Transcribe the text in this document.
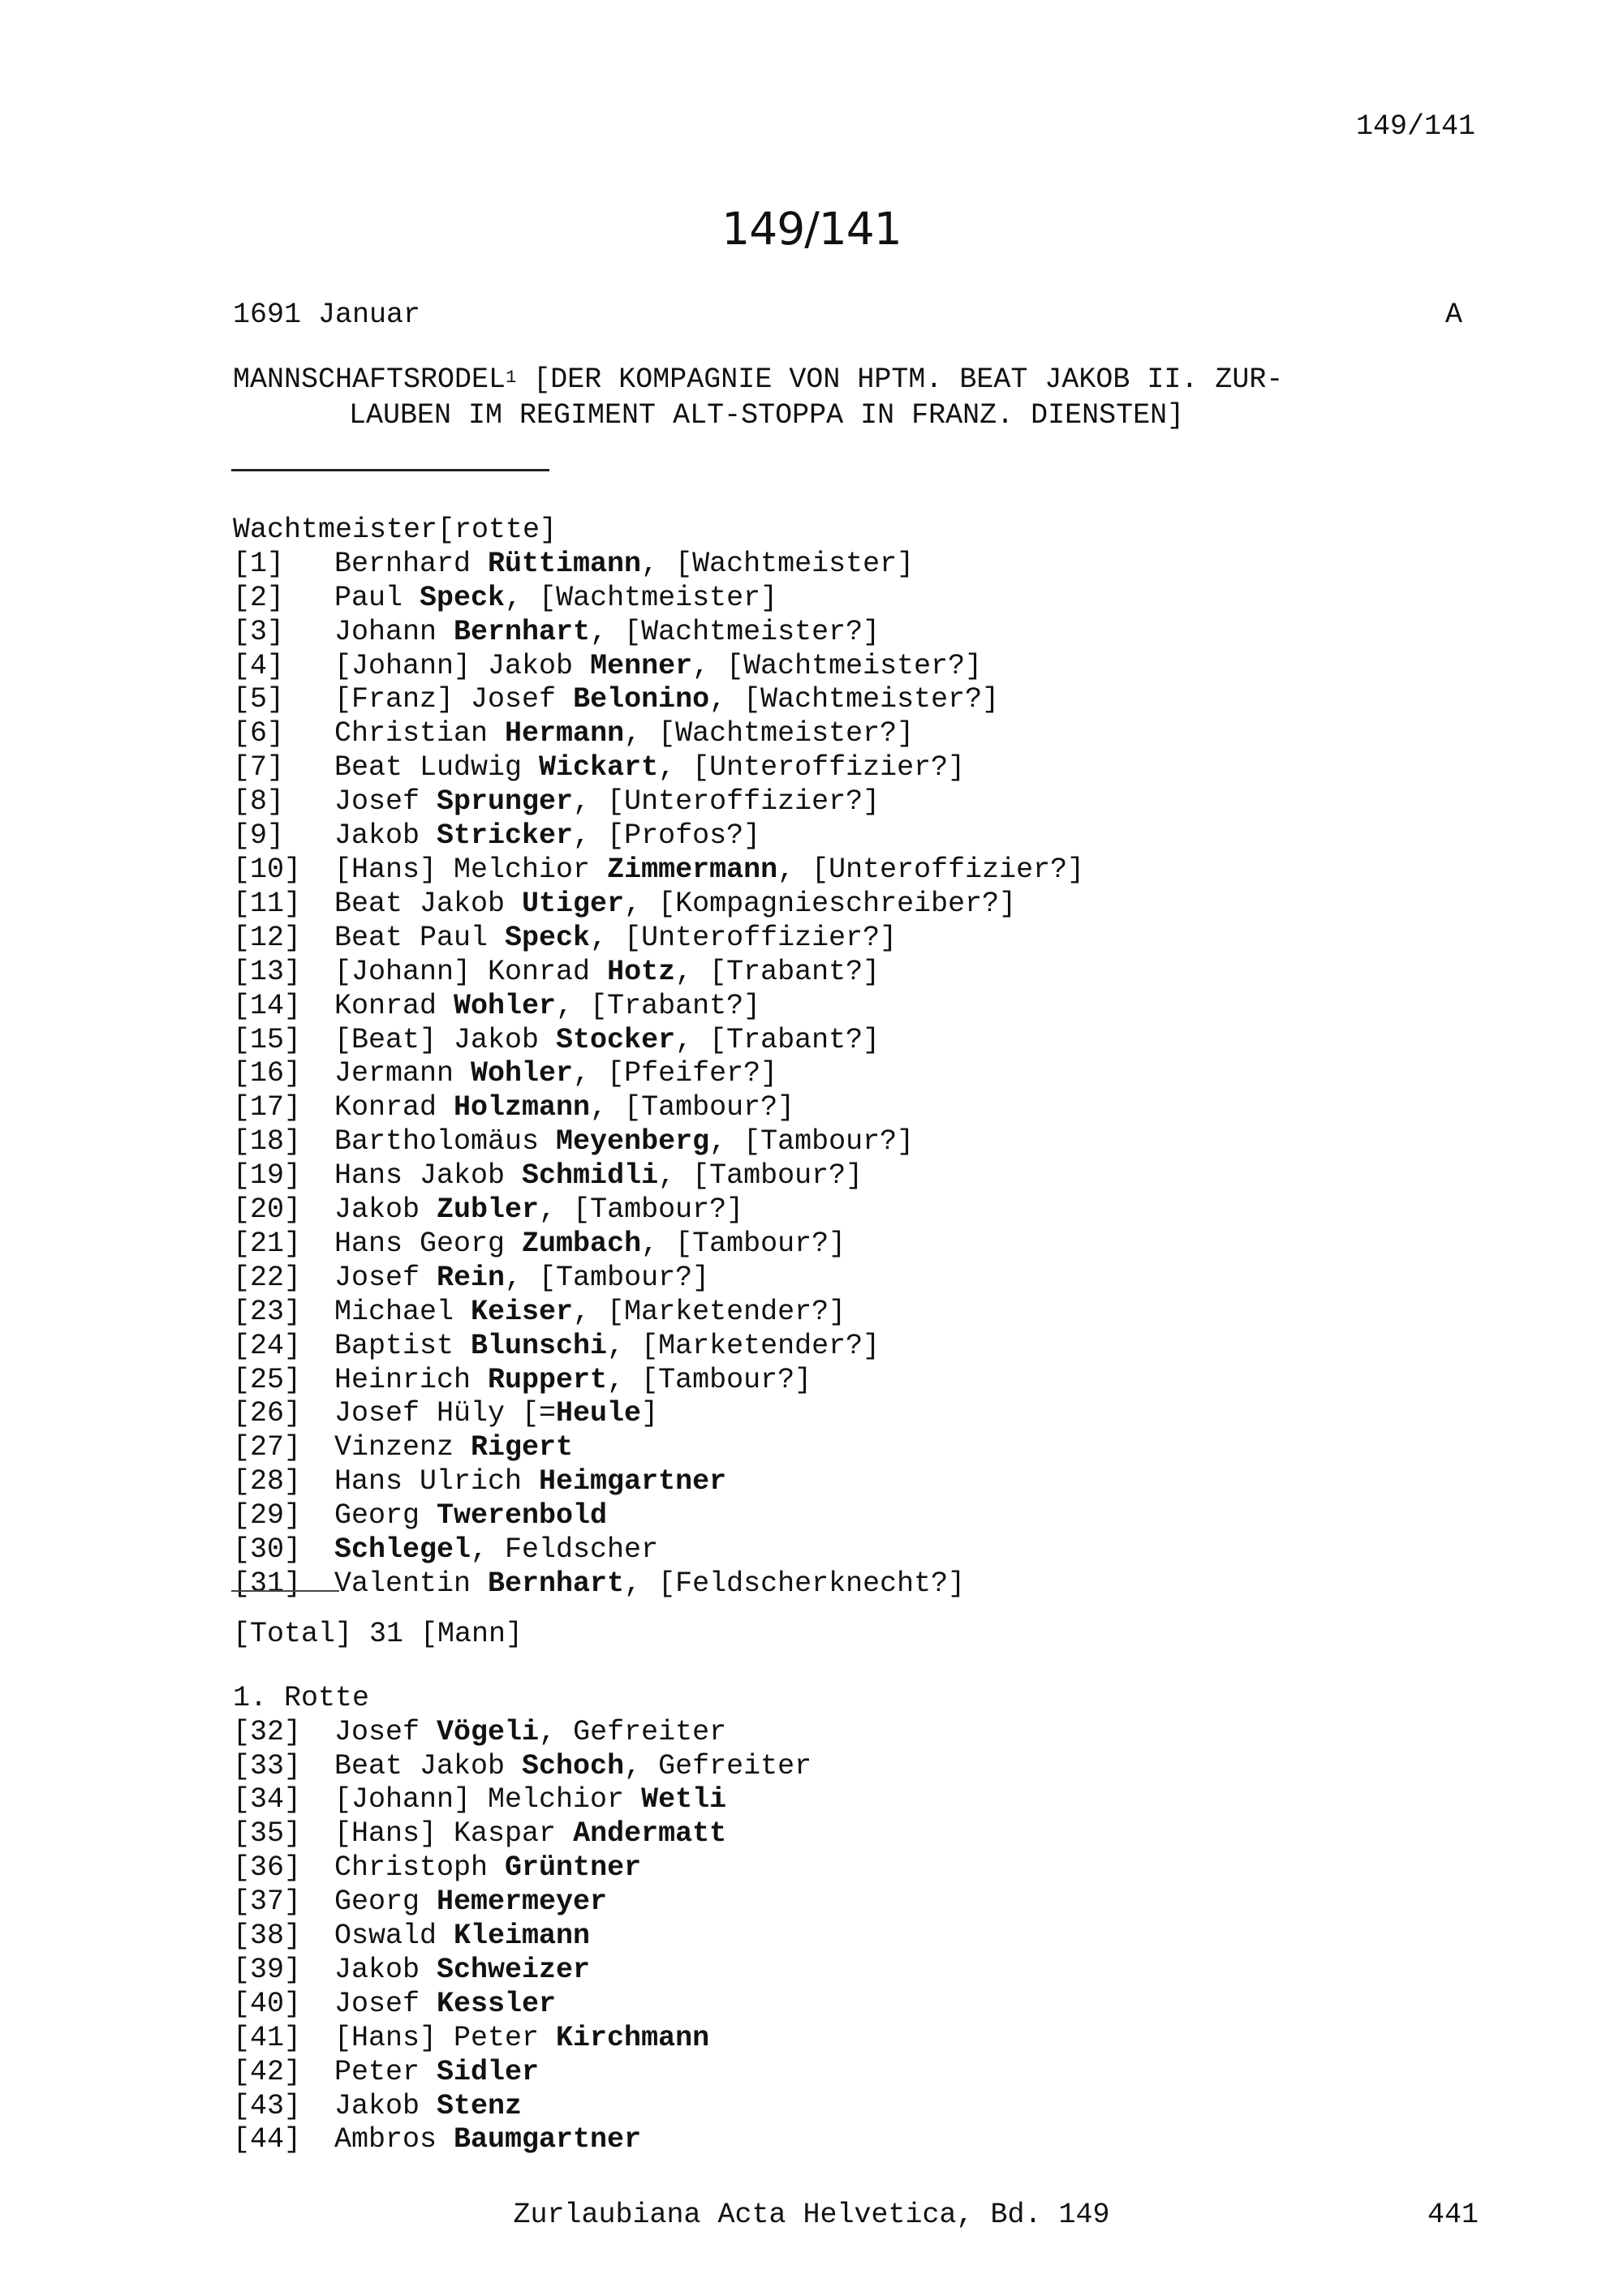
149/141
149/141
1691 Januar	A
MANNSCHAFTSRODEL$^1$ [DER KOMPAGNIE VON HPTM. BEAT JAKOB II. ZUR-
LAUBEN IM REGIMENT ALT-STOPPA IN FRANZ. DIENSTEN]
Wachtmeister[rotte]
[1] Bernhard Rüttimann, [Wachtmeister]
[2] Paul Speck, [Wachtmeister]
[3] Johann Bernhart, [Wachtmeister?]
[4] [Johann] Jakob Menner, [Wachtmeister?]
[5] [Franz] Josef Belonino, [Wachtmeister?]
[6] Christian Hermann, [Wachtmeister?]
[7] Beat Ludwig Wickart, [Unteroffizier?]
[8] Josef Sprunger, [Unteroffizier?]
[9] Jakob Stricker, [Profos?]
[10] [Hans] Melchior Zimmermann, [Unteroffizier?]
[11] Beat Jakob Utiger, [Kompagnieschreiber?]
[12] Beat Paul Speck, [Unteroffizier?]
[13] [Johann] Konrad Hotz, [Trabant?]
[14] Konrad Wohler, [Trabant?]
[15] [Beat] Jakob Stocker, [Trabant?]
[16] Jermann Wohler, [Pfeifer?]
[17] Konrad Holzmann, [Tambour?]
[18] Bartholomäus Meyenberg, [Tambour?]
[19] Hans Jakob Schmidli, [Tambour?]
[20] Jakob Zubler, [Tambour?]
[21] Hans Georg Zumbach, [Tambour?]
[22] Josef Rein, [Tambour?]
[23] Michael Keiser, [Marketender?]
[24] Baptist Blunschi, [Marketender?]
[25] Heinrich Ruppert, [Tambour?]
[26] Josef Hüly [=Heule]
[27] Vinzenz Rigert
[28] Hans Ulrich Heimgartner
[29] Georg Twerenbold
[30] Schlegel, Feldscher
[31] Valentin Bernhart, [Feldscherknecht?]
[Total] 31 [Mann]
1. Rotte
[32] Josef Vögeli, Gefreiter
[33] Beat Jakob Schoch, Gefreiter
[34] [Johann] Melchior Wetli
[35] [Hans] Kaspar Andermatt
[36] Christoph Grüntner
[37] Georg Hemermeyer
[38] Oswald Kleimann
[39] Jakob Schweizer
[40] Josef Kessler
[41] [Hans] Peter Kirchmann
[42] Peter Sidler
[43] Jakob Stenz
[44] Ambros Baumgartner
Zurlaubiana Acta Helvetica, Bd. 149	441
